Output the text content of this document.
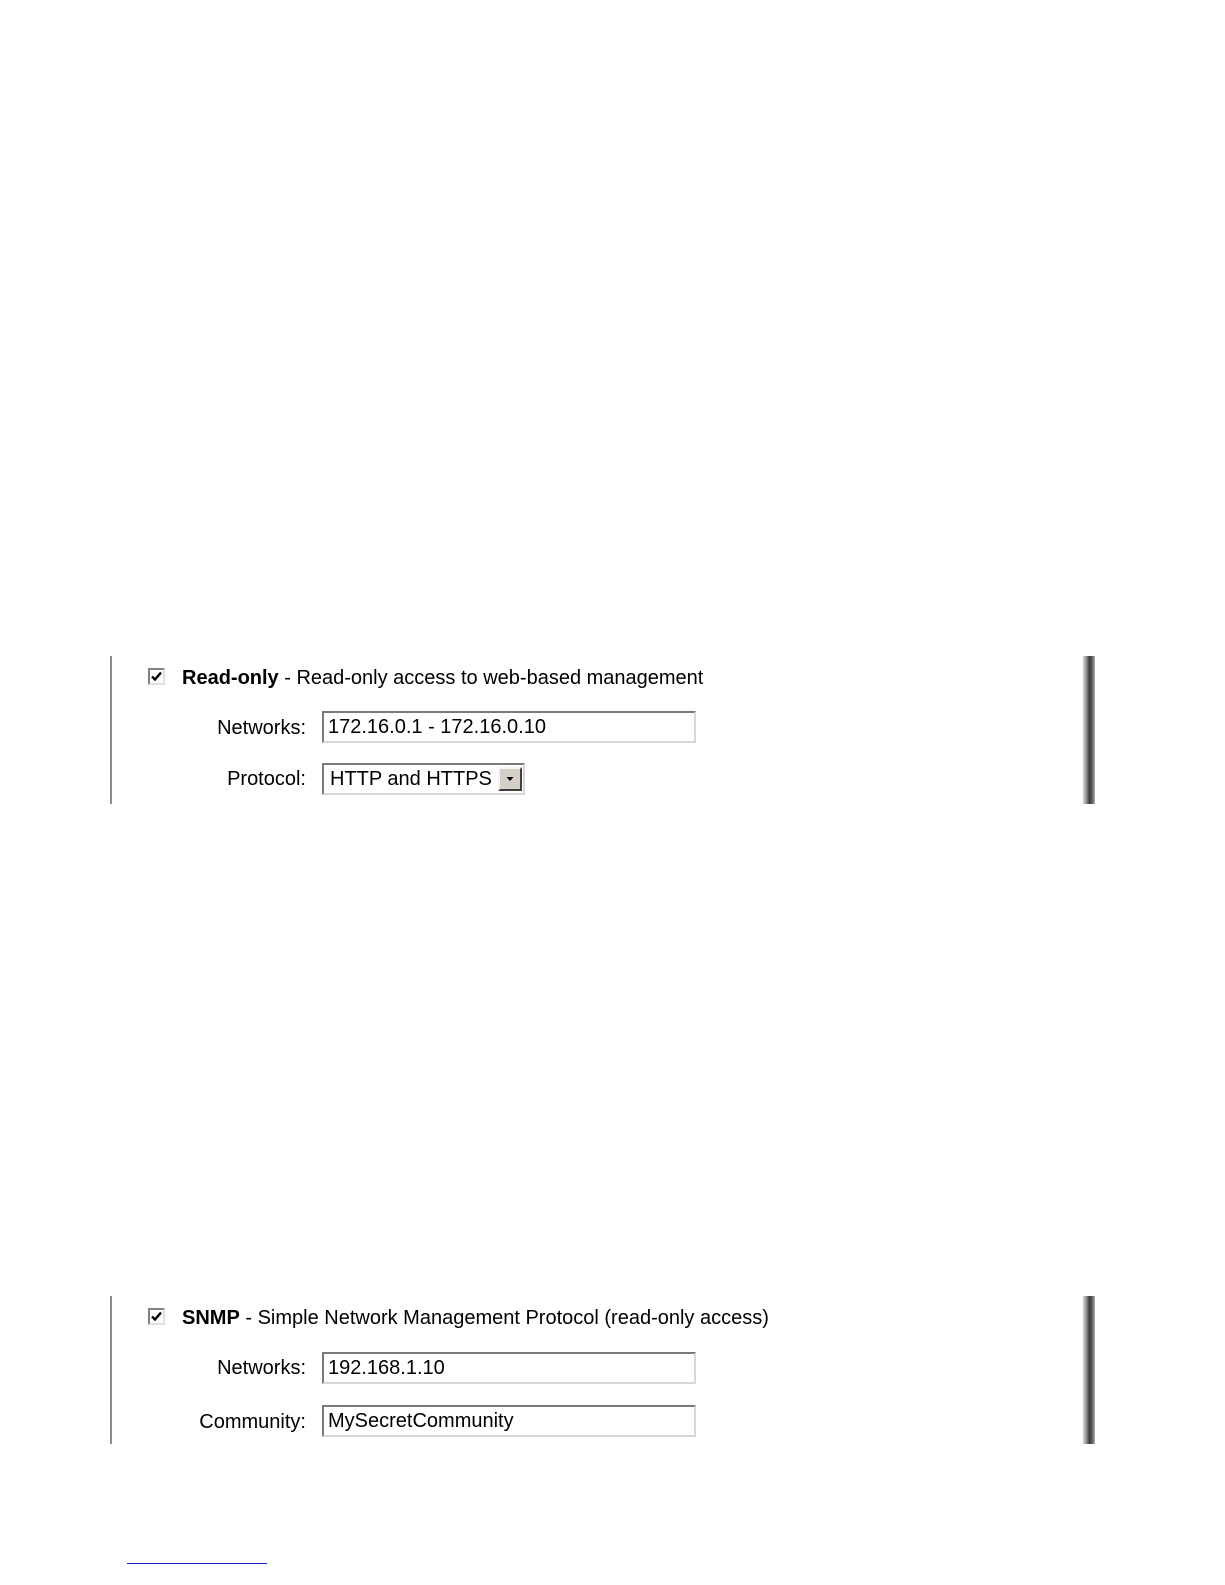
Read-only - Read-only access to web-based management
Networks:
172.16.0.1 - 172.16.0.10
Protocol:	HTTP and HTTPS
SNMP - Simple Network Management Protocol (read-only access)
Networks:
192.168.1.10
Community:
MySecretCommunity
